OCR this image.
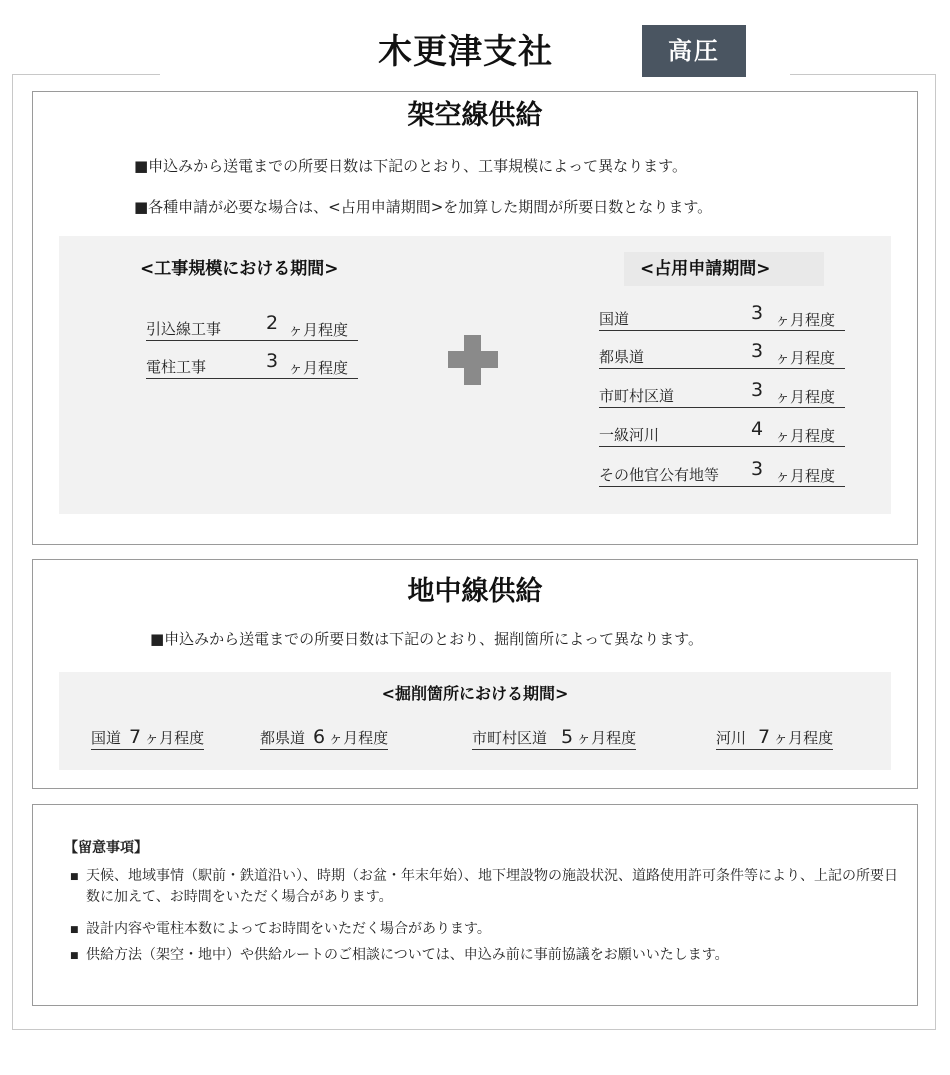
木更津支社	高圧
架空線供給
■申込みから送電までの所要日数は下記のとおり、工事規模によって異なります。
■各種申請が必要な場合は、<占用申請期間>を加算した期間が所要日数となります。
<工事規模における期間>	<占用申請期間>
引込線工事 2 ヶ月程度
電柱工事	3 ヶ月程度
国道	3 ヶ月程度
都県道	3 ヶ月程度
市町村区道	3 ヶ月程度
一級河川	4 ヶ月程度
その他官公有地等 3 ヶ月程度
地中線供給
■申込みから送電までの所要日数は下記のとおり、掘削箇所によって異なります。
<掘削箇所における期間>
国道 7 ヶ月程度	都県道 6 ヶ月程度	市町村区道 5 ヶ月程度	河川 7 ヶ月程度
【留意事項】
■ 天候、地域事情（駅前・鉄道沿い）、時期（お盆・年末年始）、地下埋設物の施設状況、道路使用許可条件等により、上記の所要日数に加えて、お時間をいただく場合があります。
■ 設計内容や電柱本数によってお時間をいただく場合があります。
■ 供給方法（架空・地中）や供給ルートのご相談については、申込み前に事前協議をお願いいたします。
